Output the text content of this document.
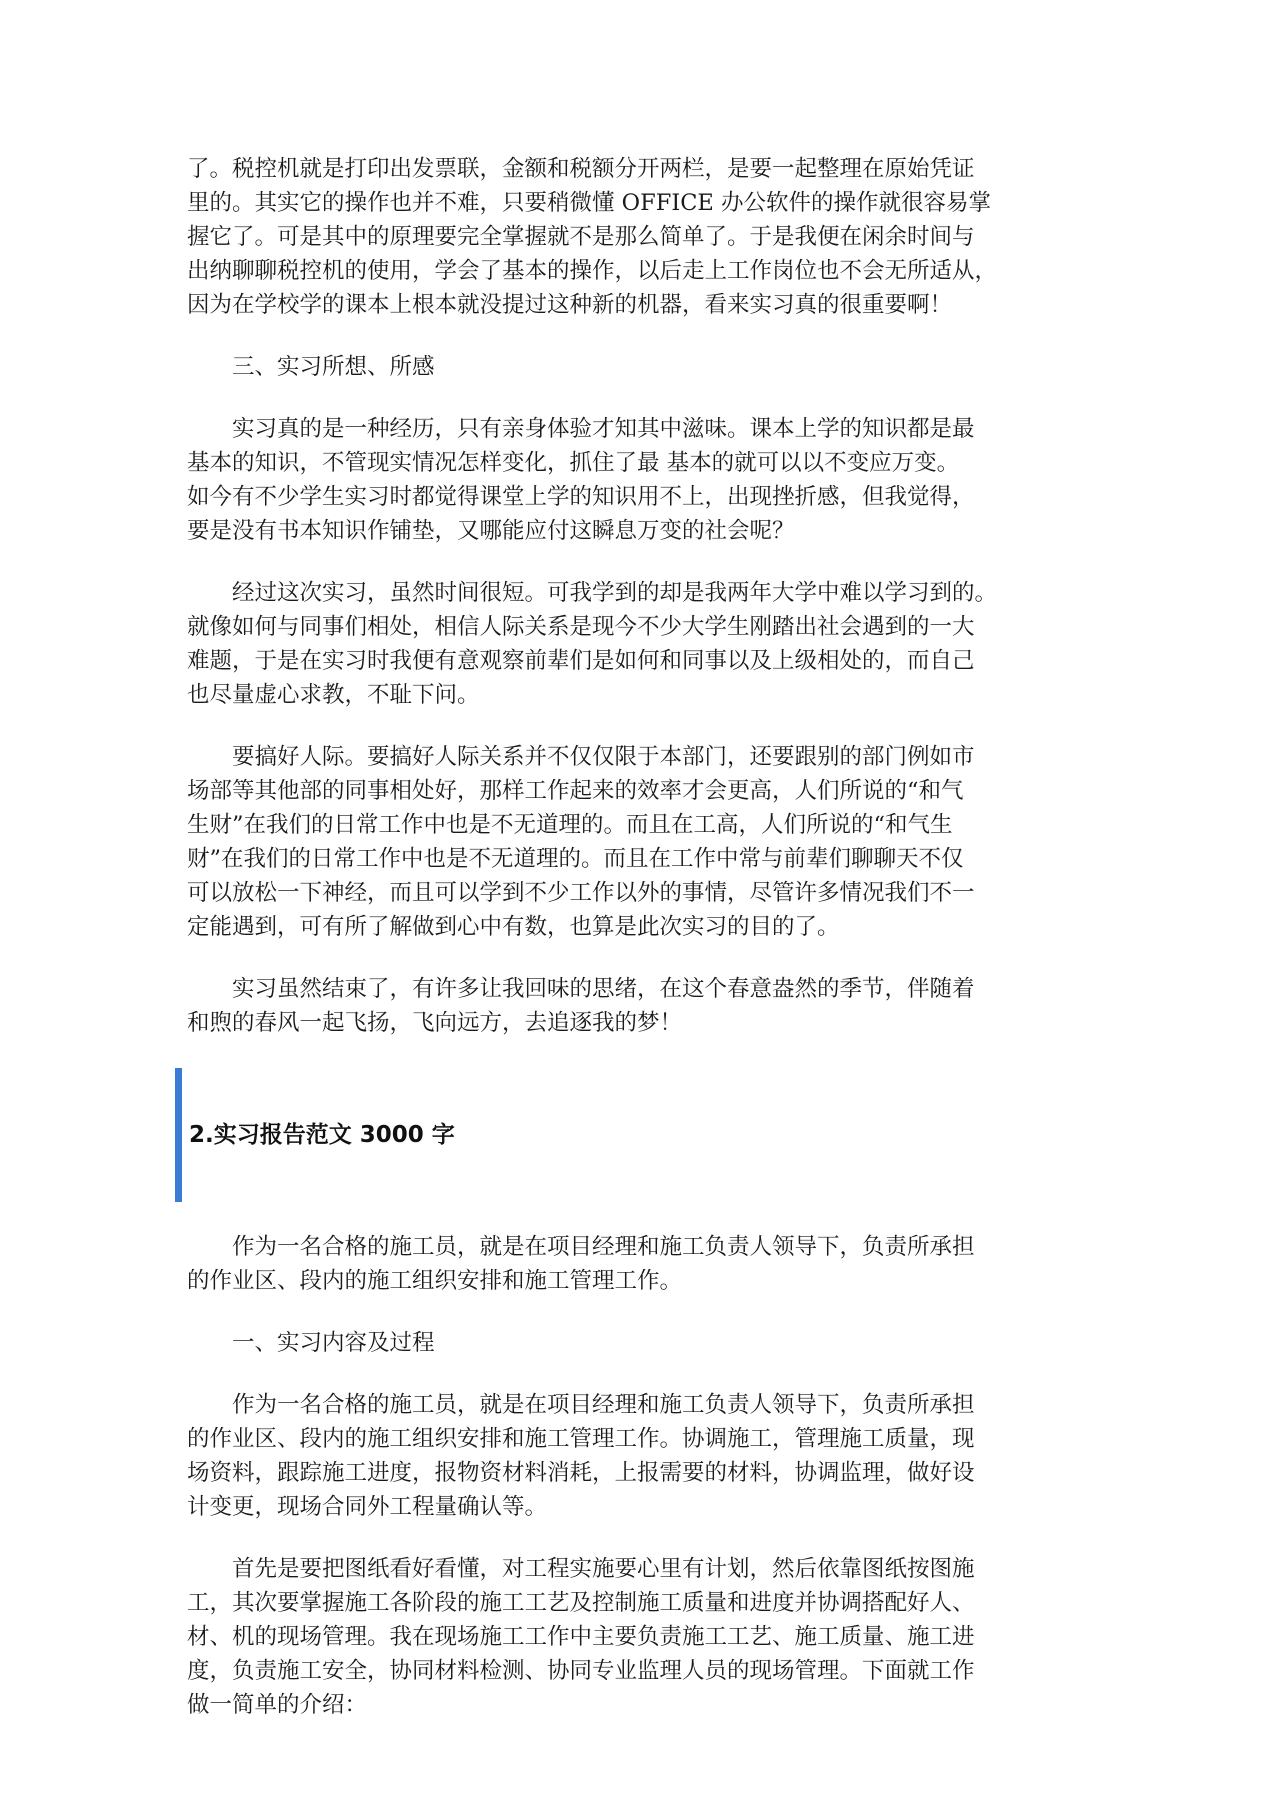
了。税控机就是打印出发票联，金额和税额分开两栏，是要一起整理在原始凭证
里的。其实它的操作也并不难，只要稍微懂 OFFICE 办公软件的操作就很容易掌
握它了。可是其中的原理要完全掌握就不是那么简单了。于是我便在闲余时间与
出纳聊聊税控机的使用，学会了基本的操作，以后走上工作岗位也不会无所适从，
因为在学校学的课本上根本就没提过这种新的机器，看来实习真的很重要啊！
三、实习所想、所感
实习真的是一种经历，只有亲身体验才知其中滋味。课本上学的知识都是最
基本的知识，不管现实情况怎样变化，抓住了最 基本的就可以以不变应万变。
如今有不少学生实习时都觉得课堂上学的知识用不上，出现挫折感，但我觉得，
要是没有书本知识作铺垫，又哪能应付这瞬息万变的社会呢？
经过这次实习，虽然时间很短。可我学到的却是我两年大学中难以学习到的。
就像如何与同事们相处，相信人际关系是现今不少大学生刚踏出社会遇到的一大
难题，于是在实习时我便有意观察前辈们是如何和同事以及上级相处的，而自己
也尽量虚心求教，不耻下问。
要搞好人际。要搞好人际关系并不仅仅限于本部门，还要跟别的部门例如市
场部等其他部的同事相处好，那样工作起来的效率才会更高，人们所说的“和气
生财”在我们的日常工作中也是不无道理的。而且在工高，人们所说的“和气生
财”在我们的日常工作中也是不无道理的。而且在工作中常与前辈们聊聊天不仅
可以放松一下神经，而且可以学到不少工作以外的事情，尽管许多情况我们不一
定能遇到，可有所了解做到心中有数，也算是此次实习的目的了。
实习虽然结束了，有许多让我回味的思绪，在这个春意盎然的季节，伴随着
和煦的春风一起飞扬，飞向远方，去追逐我的梦！
2.实习报告范文 3000 字
作为一名合格的施工员，就是在项目经理和施工负责人领导下，负责所承担
的作业区、段内的施工组织安排和施工管理工作。
一、实习内容及过程
作为一名合格的施工员，就是在项目经理和施工负责人领导下，负责所承担
的作业区、段内的施工组织安排和施工管理工作。协调施工，管理施工质量，现
场资料，跟踪施工进度，报物资材料消耗，上报需要的材料，协调监理，做好设
计变更，现场合同外工程量确认等。
首先是要把图纸看好看懂，对工程实施要心里有计划，然后依靠图纸按图施
工，其次要掌握施工各阶段的施工工艺及控制施工质量和进度并协调搭配好人、
材、机的现场管理。我在现场施工工作中主要负责施工工艺、施工质量、施工进
度，负责施工安全，协同材料检测、协同专业监理人员的现场管理。下面就工作
做一简单的介绍：
